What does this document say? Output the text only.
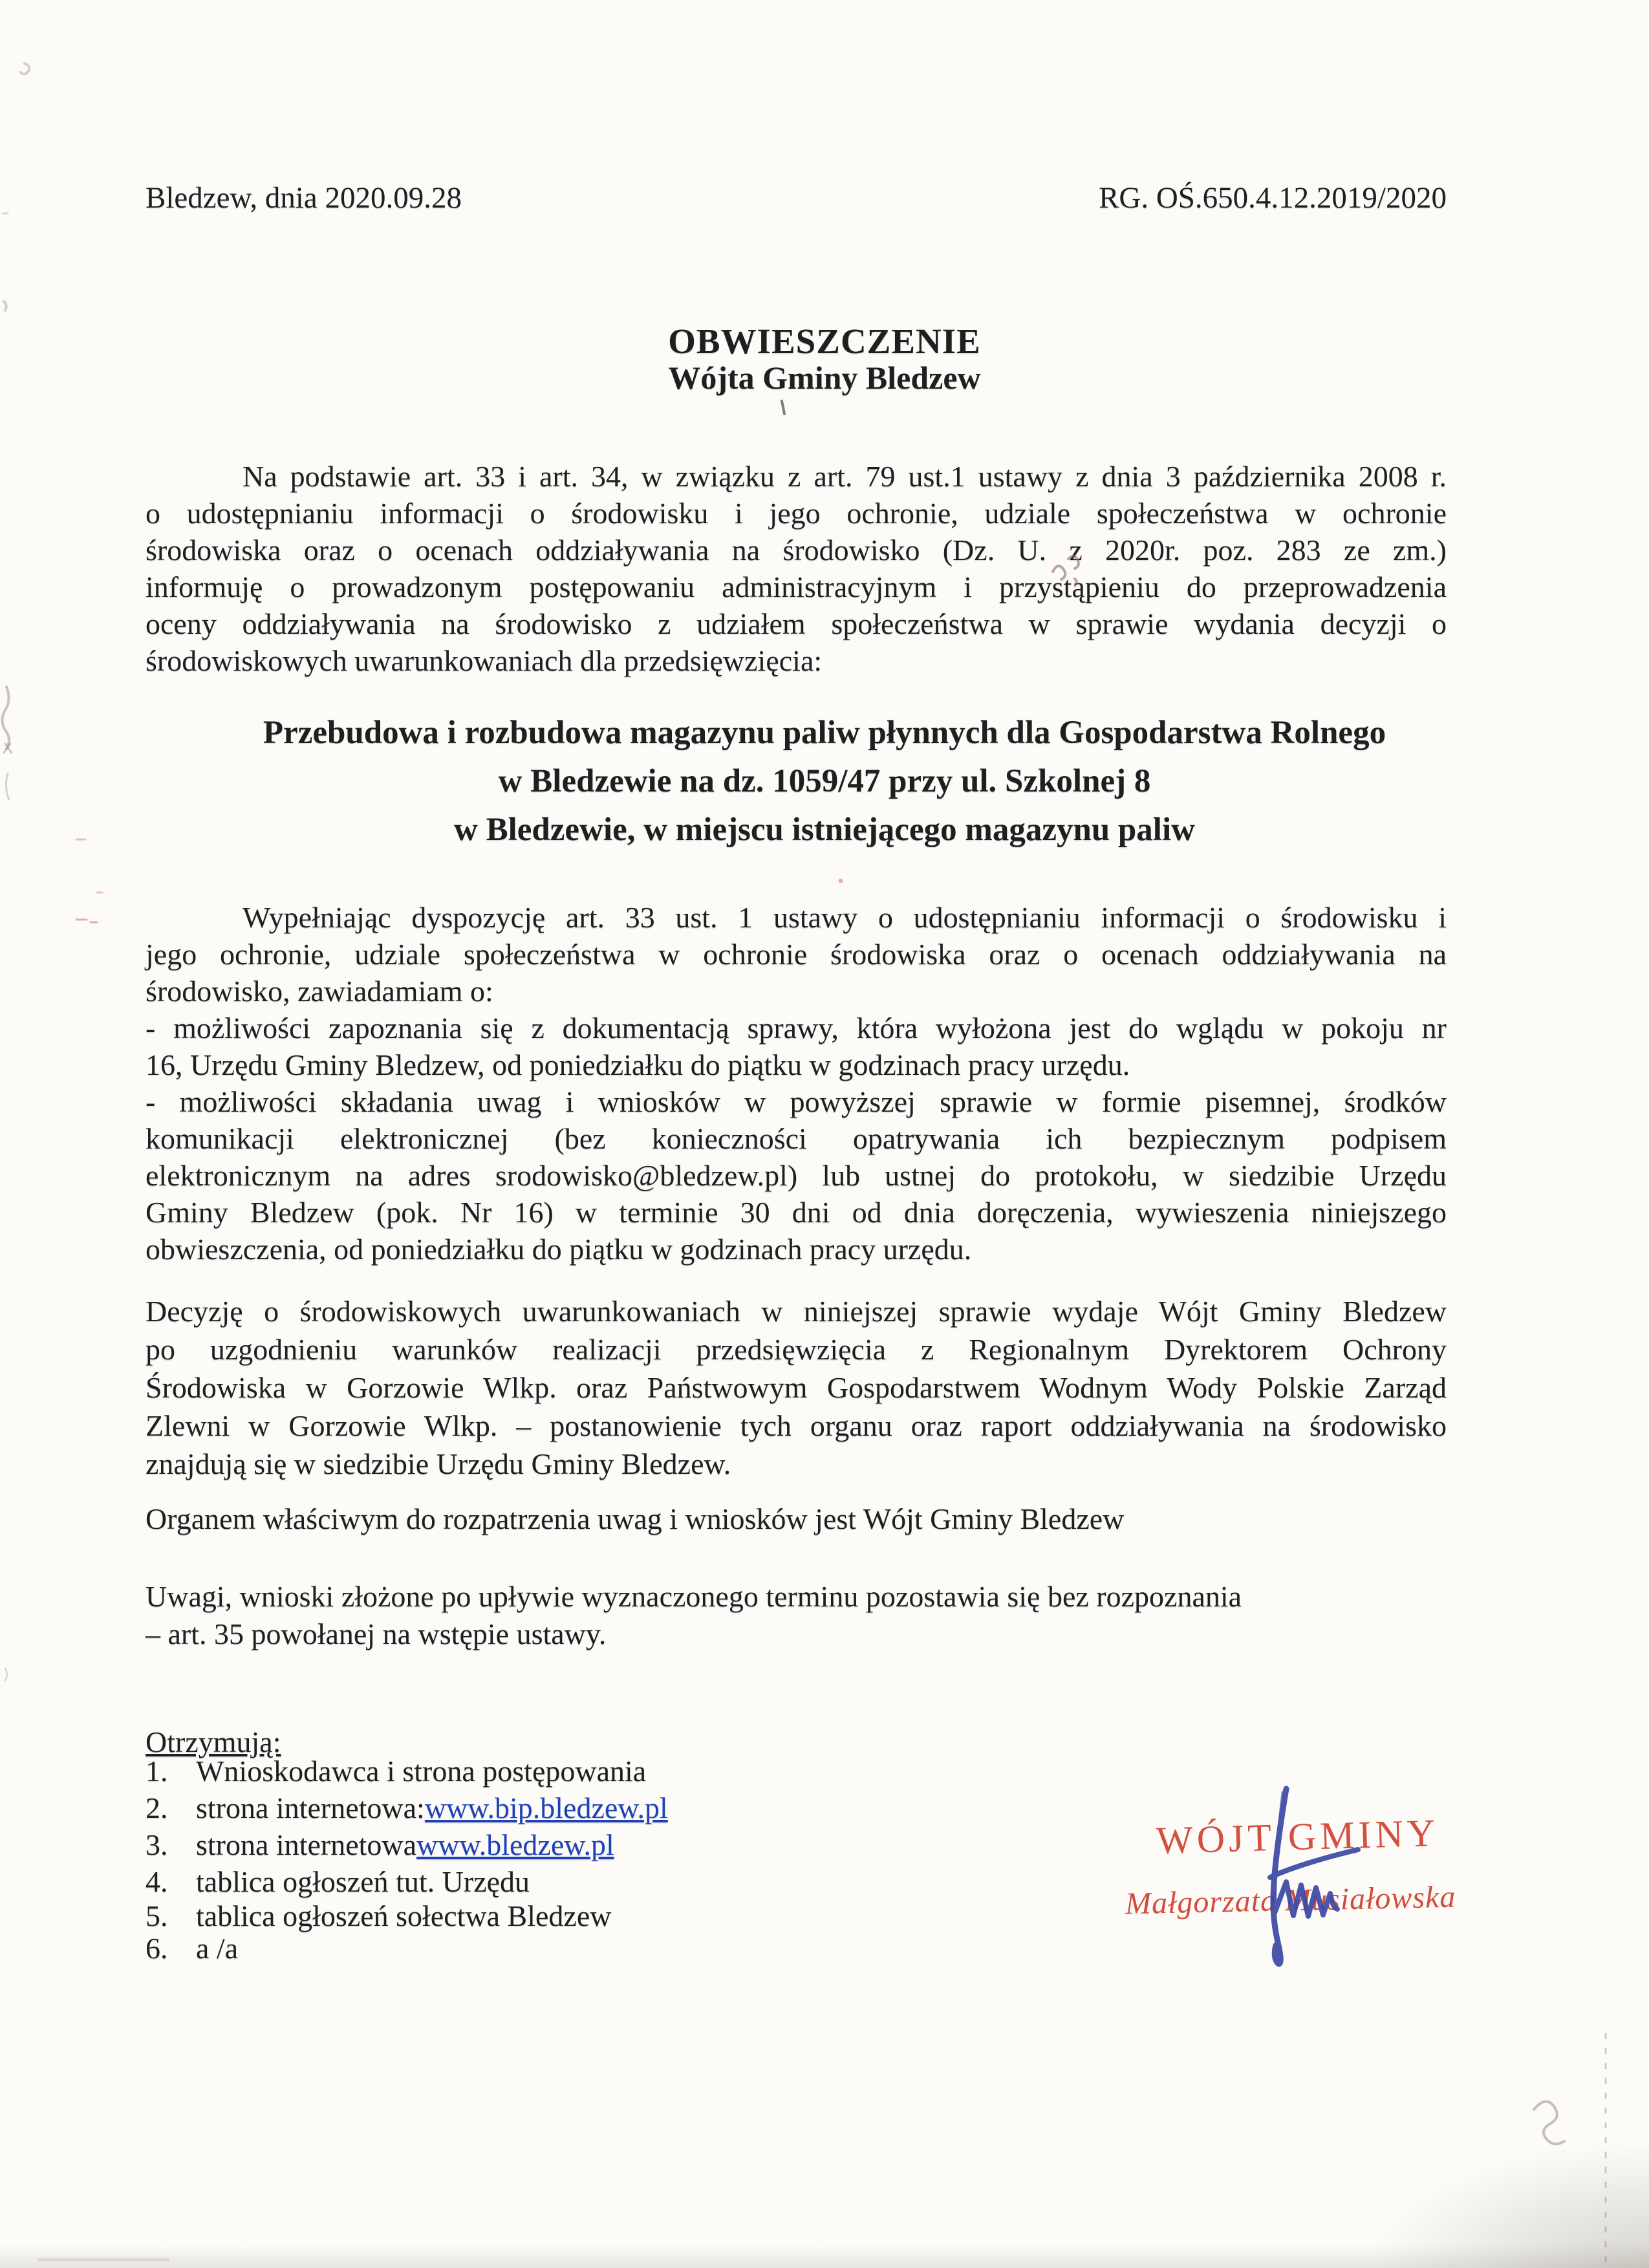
Bledzew, dnia 2020.09.28	RG. OŚ.650.4.12.2019/2020
OBWIESZCZENIE
Wójta Gminy Bledzew
Na podstawie art. 33 i art. 34, w związku z art. 79 ust.1 ustawy z dnia 3 października 2008 r.
o udostępnianiu informacji o środowisku i jego ochronie, udziale społeczeństwa w ochronie
środowiska oraz o ocenach oddziaływania na środowisko (Dz. U. z 2020r. poz. 283 ze zm.)
informuję o prowadzonym postępowaniu administracyjnym i przystąpieniu do przeprowadzenia
oceny oddziaływania na środowisko z udziałem społeczeństwa w sprawie wydania decyzji o
środowiskowych uwarunkowaniach dla przedsięwzięcia:
Przebudowa i rozbudowa magazynu paliw płynnych dla Gospodarstwa Rolnego
w Bledzewie na dz. 1059/47 przy ul. Szkolnej 8
w Bledzewie, w miejscu istniejącego magazynu paliw
Wypełniając dyspozycję art. 33 ust. 1 ustawy o udostępnianiu informacji o środowisku i
jego ochronie, udziale społeczeństwa w ochronie środowiska oraz o ocenach oddziaływania na
środowisko, zawiadamiam o:
- możliwości zapoznania się z dokumentacją sprawy, która wyłożona jest do wglądu w pokoju nr
16, Urzędu Gminy Bledzew, od poniedziałku do piątku w godzinach pracy urzędu.
- możliwości składania uwag i wniosków w powyższej sprawie w formie pisemnej, środków
komunikacji elektronicznej (bez konieczności opatrywania ich bezpiecznym podpisem
elektronicznym na adres srodowisko@bledzew.pl) lub ustnej do protokołu, w siedzibie Urzędu
Gminy Bledzew (pok. Nr 16) w terminie 30 dni od dnia doręczenia, wywieszenia niniejszego
obwieszczenia, od poniedziałku do piątku w godzinach pracy urzędu.
Decyzję o środowiskowych uwarunkowaniach w niniejszej sprawie wydaje Wójt Gminy Bledzew
po uzgodnieniu warunków realizacji przedsięwzięcia z Regionalnym Dyrektorem Ochrony
Środowiska w Gorzowie Wlkp. oraz Państwowym Gospodarstwem Wodnym Wody Polskie Zarząd
Zlewni w Gorzowie Wlkp. – postanowienie tych organu oraz raport oddziaływania na środowisko
znajdują się w siedzibie Urzędu Gminy Bledzew.
Organem właściwym do rozpatrzenia uwag i wniosków jest Wójt Gminy Bledzew
Uwagi, wnioski złożone po upływie wyznaczonego terminu pozostawia się bez rozpoznania
– art. 35 powołanej na wstępie ustawy.
Otrzymują:
1. Wnioskodawca i strona postępowania
2. strona internetowa: www.bip.bledzew.pl
3. strona internetowa www.bledzew.pl
4. tablica ogłoszeń tut. Urzędu
5. tablica ogłoszeń sołectwa Bledzew
6. a /a
WÓJT GMINY
Małgorzata Musiałowska
